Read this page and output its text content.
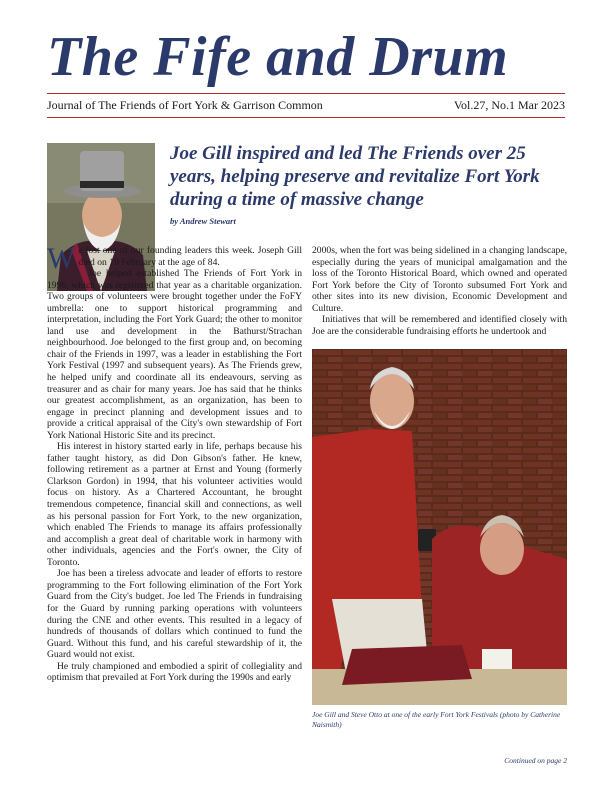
The Fife and Drum
Journal of The Friends of Fort York & Garrison Common	Vol.27, No.1 Mar 2023
Joe Gill inspired and led The Friends over 25 years, helping preserve and revitalize Fort York during a time of massive change
by Andrew Stewart

We lost one of our founding leaders this week. Joseph Gill died on 19 February at the age of 84.

Joe helped established The Friends of Fort York in 1996, which was registered that year as a charitable organization. Two groups of volunteers were brought together under the FoFY umbrella: one to support historical programming and interpretation, including the Fort York Guard; the other to monitor land use and development in the Bathurst/Strachan neighbourhood. Joe belonged to the first group and, on becoming chair of the Friends in 1997, was a leader in establishing the Fort York Festival (1997 and subsequent years). As The Friends grew, he helped unify and coordinate all its endeavours, serving as treasurer and as chair for many years. Joe has said that he thinks our greatest accomplishment, as an organization, has been to engage in precinct planning and development issues and to provide a critical appraisal of the City's own stewardship of Fort York National Historic Site and its precinct.

His interest in history started early in life, perhaps because his father taught history, as did Don Gibson's father. He knew, following retirement as a partner at Ernst and Young (formerly Clarkson Gordon) in 1994, that his volunteer activities would focus on history. As a Chartered Accountant, he brought tremendous competence, financial skill and connections, as well as his personal passion for Fort York, to the new organization, which enabled The Friends to manage its affairs professionally and accomplish a great deal of charitable work in harmony with other individuals, agencies and the Fort's owner, the City of Toronto.

Joe has been a tireless advocate and leader of efforts to restore programming to the Fort following elimination of the Fort York Guard from the City's budget. Joe led The Friends in fundraising for the Guard by running parking operations with volunteers during the CNE and other events. This resulted in a legacy of hundreds of thousands of dollars which continued to fund the Guard. Without this fund, and his careful stewardship of it, the Guard would not exist.

He truly championed and embodied a spirit of collegiality and optimism that prevailed at Fort York during the 1990s and early

2000s, when the fort was being sidelined in a changing landscape, especially during the years of municipal amalgamation and the loss of the Toronto Historical Board, which owned and operated Fort York before the City of Toronto subsumed Fort York and other sites into its new division, Economic Development and Culture.

Initiatives that will be remembered and identified closely with Joe are the considerable fundraising efforts he undertook and

Joe Gill and Steve Otto at one of the early Fort York Festivals (photo by Catherine Naismith)
Continued on page 2
